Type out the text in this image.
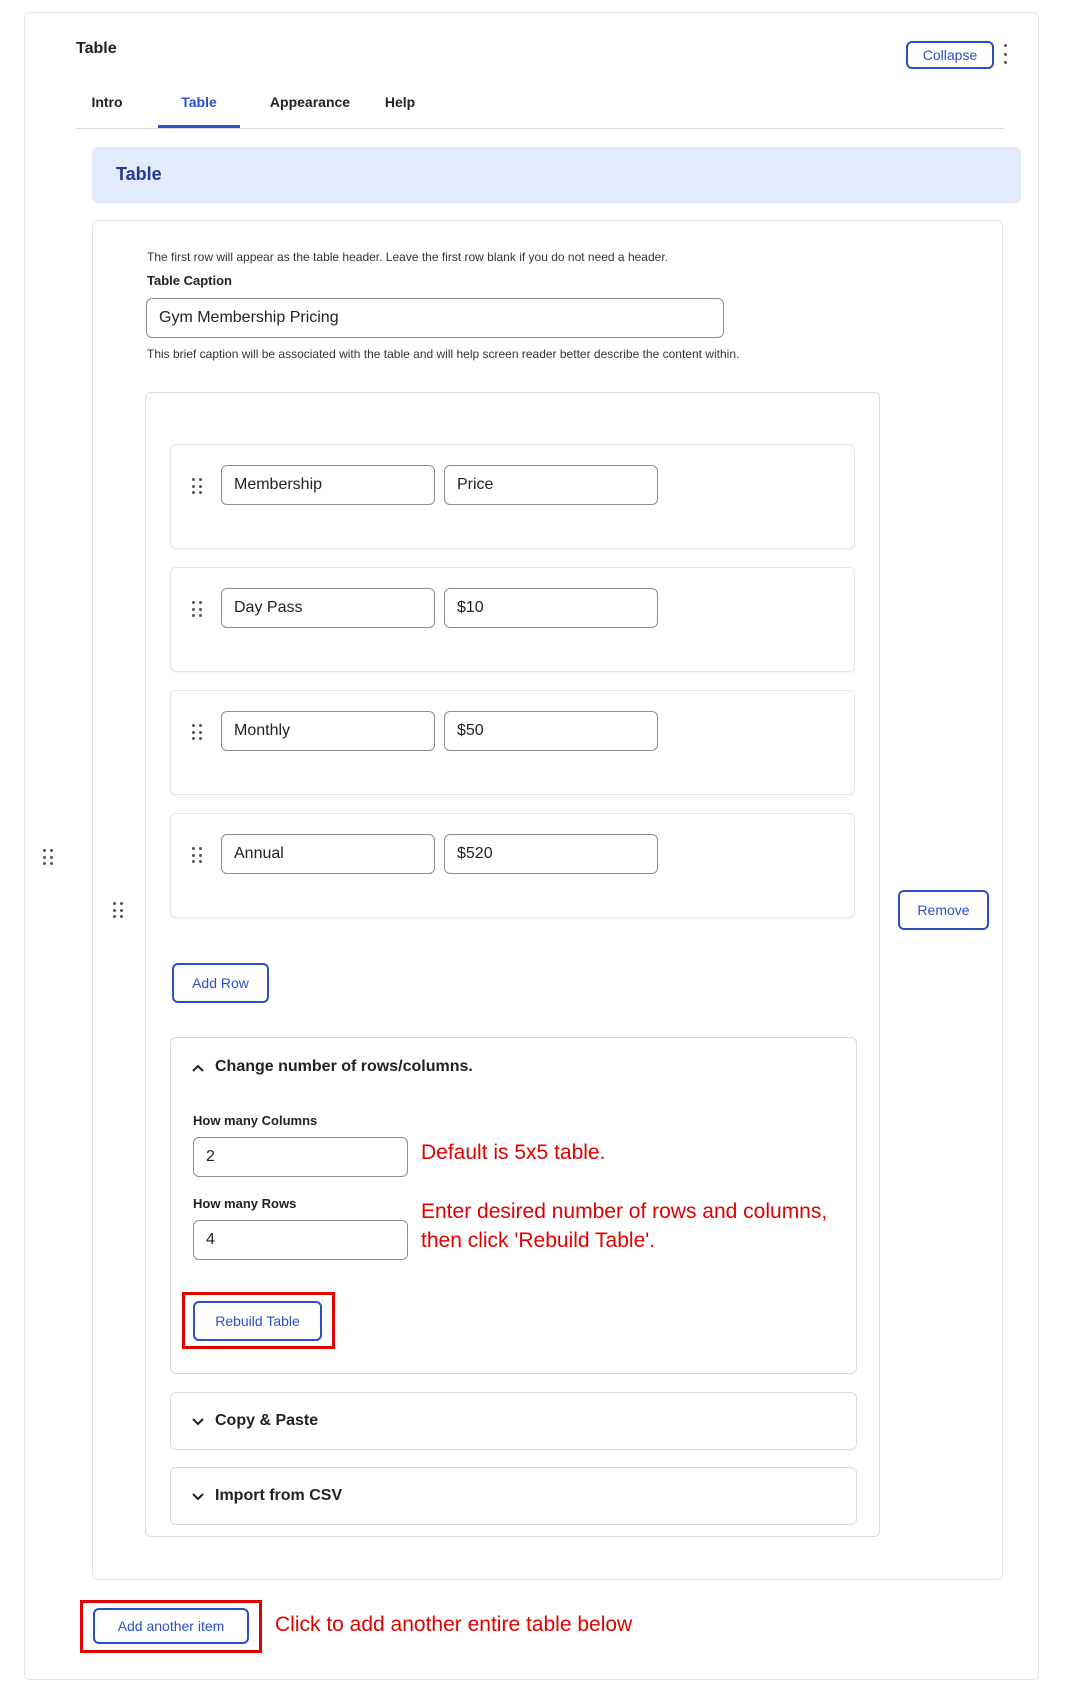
Table	Collapse
Intro	Table	Appearance	Help
Table
The first row will appear as the table header. Leave the first row blank if you do not need a header.
Table Caption
Gym Membership Pricing
This brief caption will be associated with the table and will help screen reader better describe the content within.
Membership	Price
Day Pass	$10
Monthly	$50
Annual	$520
Remove
Add Row
Change number of rows/columns.
How many Columns
2
How many Rows
4
Default is 5x5 table.
Enter desired number of rows and columns,
then click 'Rebuild Table'.
Rebuild Table
Copy & Paste
Import from CSV
Add another item	Click to add another entire table below
